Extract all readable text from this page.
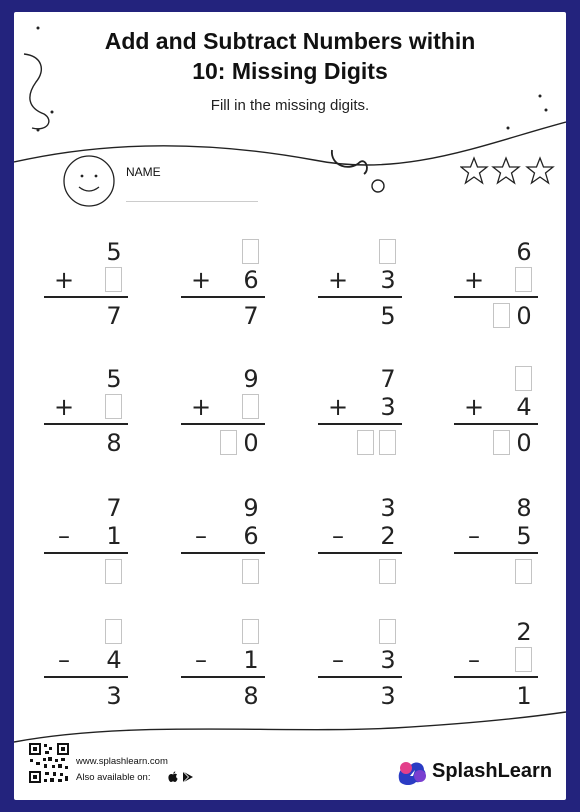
Add and Subtract Numbers within
10: Missing Digits
Fill in the missing digits.
NAME
5
+
7
+ 6
7
+ 3
5
6
+
0
5
+
8
9
+
0
7
+ 3	+ 4
0
7
– 1
9
– 6
3
– 2
8
– 5
– 4
3
– 1
8
– 3
3
2
–
1
www.splashlearn.com
Also available on:	SplashLearn
